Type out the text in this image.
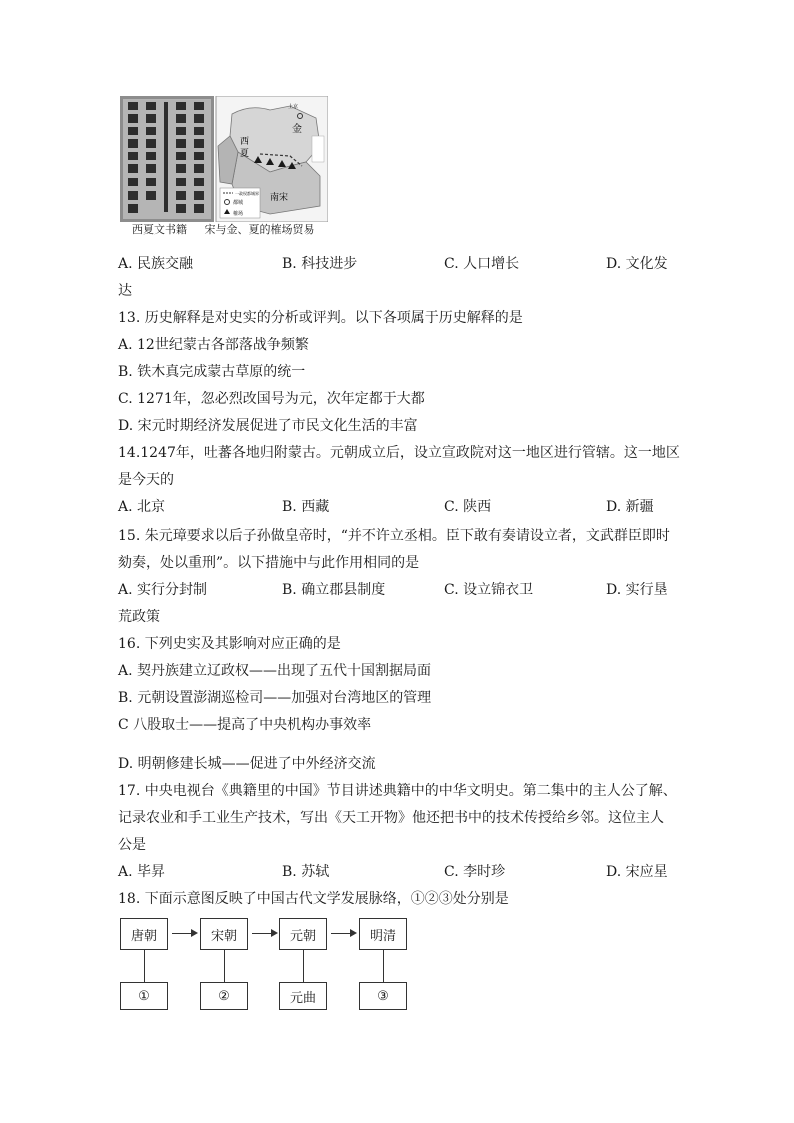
上京
金
西
夏
南宋
一政权都城界
都城
榷场
西夏文书籍 宋与金、夏的榷场贸易
A. 民族交融	B. 科技进步	C. 人口增长	D. 文化发
达
13. 历史解释是对史实的分析或评判。以下各项属于历史解释的是
A. 12世纪蒙古各部落战争频繁
B. 铁木真完成蒙古草原的统一
C. 1271年，忽必烈改国号为元，次年定都于大都
D. 宋元时期经济发展促进了市民文化生活的丰富
14.1247年，吐蕃各地归附蒙古。元朝成立后，设立宣政院对这一地区进行管辖。这一地区
是今天的
A. 北京	B. 西藏	C. 陕西	D. 新疆
15. 朱元璋要求以后子孙做皇帝时，“并不许立丞相。臣下敢有奏请设立者，文武群臣即时
劾奏，处以重刑”。以下措施中与此作用相同的是
A. 实行分封制	B. 确立郡县制度	C. 设立锦衣卫	D. 实行垦
荒政策
16. 下列史实及其影响对应正确的是
A. 契丹族建立辽政权——出现了五代十国割据局面
B. 元朝设置澎湖巡检司——加强对台湾地区的管理
C 八股取士——提高了中央机构办事效率
D. 明朝修建长城——促进了中外经济交流
17. 中央电视台《典籍里的中国》节目讲述典籍中的中华文明史。第二集中的主人公了解、
记录农业和手工业生产技术，写出《天工开物》他还把书中的技术传授给乡邻。这位主人
公是
A. 毕昇	B. 苏轼	C. 李时珍	D. 宋应星
18. 下面示意图反映了中国古代文学发展脉络，①②③处分别是
唐朝	宋朝	元朝	明清
①	②	元曲	③
